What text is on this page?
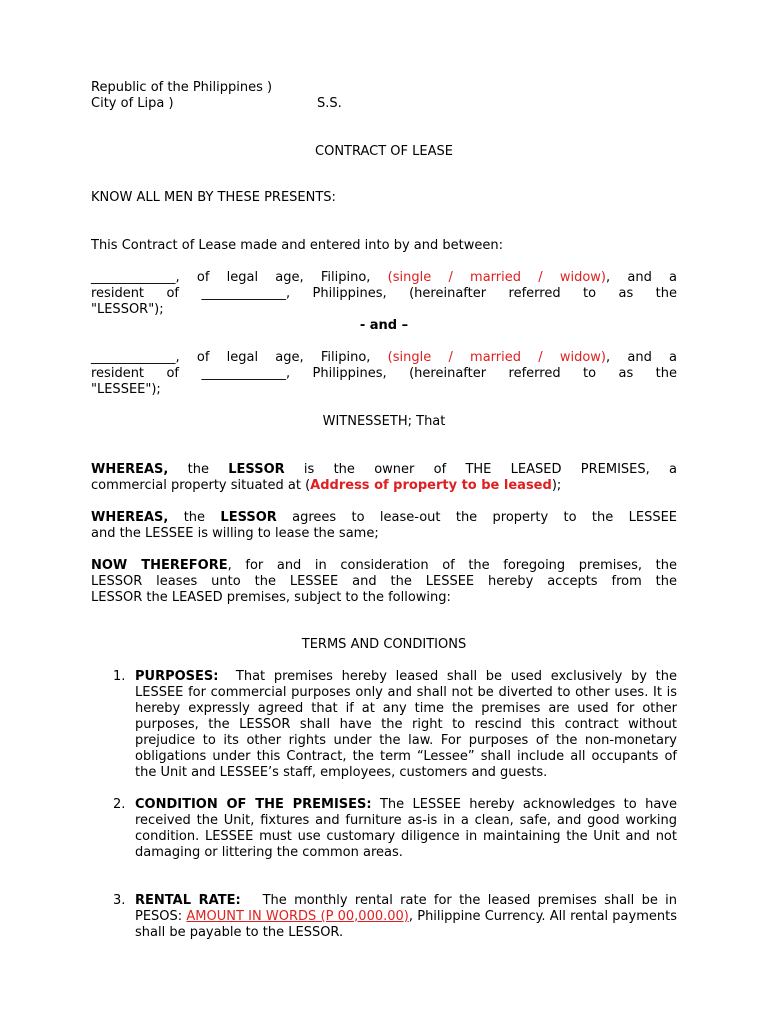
Republic of the Philippines )
City of Lipa )	S.S.
CONTRACT OF LEASE
KNOW ALL MEN BY THESE PRESENTS:
This Contract of Lease made and entered into by and between:
_____________, of legal age, Filipino, (single / married / widow), and a
resident of _____________, Philippines, (hereinafter referred to as the
"LESSOR");
- and –
_____________, of legal age, Filipino, (single / married / widow), and a
resident of _____________, Philippines, (hereinafter referred to as the
"LESSEE");
WITNESSETH; That
WHEREAS, the LESSOR is the owner of THE LEASED PREMISES, a
commercial property situated at (Address of property to be leased);
WHEREAS, the LESSOR agrees to lease-out the property to the LESSEE
and the LESSEE is willing to lease the same;
NOW THEREFORE, for and in consideration of the foregoing premises, the
LESSOR leases unto the LESSEE and the LESSEE hereby accepts from the
LESSOR the LEASED premises, subject to the following:
TERMS AND CONDITIONS
1. PURPOSES:  That premises hereby leased shall be used exclusively by the LESSEE for commercial purposes only and shall not be diverted to other uses. It is hereby expressly agreed that if at any time the premises are used for other purposes, the LESSOR shall have the right to rescind this contract without prejudice to its other rights under the law. For purposes of the non-monetary obligations under this Contract, the term “Lessee” shall include all occupants of the Unit and LESSEE’s staff, employees, customers and guests.
2. CONDITION OF THE PREMISES: The LESSEE hereby acknowledges to have received the Unit, fixtures and furniture as-is in a clean, safe, and good working condition. LESSEE must use customary diligence in maintaining the Unit and not damaging or littering the common areas.
3. RENTAL RATE:   The monthly rental rate for the leased premises shall be in PESOS: AMOUNT IN WORDS (P 00,000.00), Philippine Currency. All rental payments shall be payable to the LESSOR.
